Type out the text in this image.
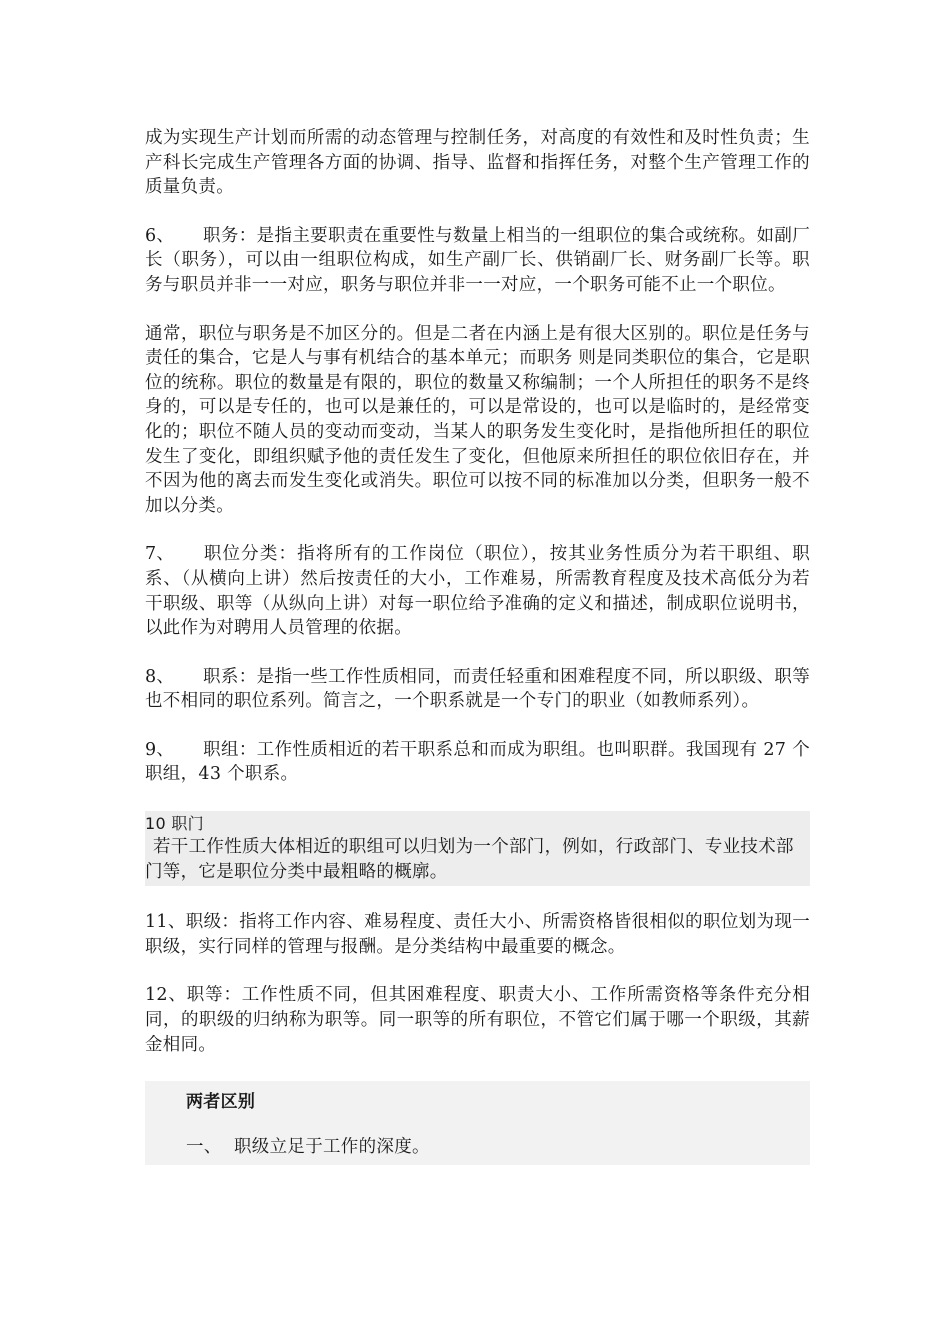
成为实现生产计划而所需的动态管理与控制任务，对高度的有效性和及时性负责；生产科长完成生产管理各方面的协调、指导、监督和指挥任务，对整个生产管理工作的质量负责。

6、 职务：是指主要职责在重要性与数量上相当的一组职位的集合或统称。如副厂长（职务），可以由一组职位构成，如生产副厂长、供销副厂长、财务副厂长等。职务与职员并非一一对应，职务与职位并非一一对应，一个职务可能不止一个职位。

通常，职位与职务是不加区分的。但是二者在内涵上是有很大区别的。职位是任务与责任的集合，它是人与事有机结合的基本单元；而职务 则是同类职位的集合，它是职位的统称。职位的数量是有限的，职位的数量又称编制；一个人所担任的职务不是终身的，可以是专任的，也可以是兼任的，可以是常设的，也可以是临时的，是经常变化的；职位不随人员的变动而变动，当某人的职务发生变化时，是指他所担任的职位发生了变化，即组织赋予他的责任发生了变化，但他原来所担任的职位依旧存在，并不因为他的离去而发生变化或消失。职位可以按不同的标准加以分类，但职务一般不加以分类。

7、 职位分类：指将所有的工作岗位（职位），按其业务性质分为若干职组、职系、（从横向上讲）然后按责任的大小，工作难易，所需教育程度及技术高低分为若干职级、职等（从纵向上讲）对每一职位给予准确的定义和描述，制成职位说明书，以此作为对聘用人员管理的依据。

8、 职系：是指一些工作性质相同，而责任轻重和困难程度不同，所以职级、职等也不相同的职位系列。简言之，一个职系就是一个专门的职业（如教师系列）。

9、 职组：工作性质相近的若干职系总和而成为职组。也叫职群。我国现有 27 个职组，43 个职系。

10 职门
若干工作性质大体相近的职组可以归划为一个部门，例如，行政部门、专业技术部门等，它是职位分类中最粗略的概廓。

11、职级：指将工作内容、难易程度、责任大小、所需资格皆很相似的职位划为现一职级，实行同样的管理与报酬。是分类结构中最重要的概念。

12、职等：工作性质不同，但其困难程度、职责大小、工作所需资格等条件充分相同，的职级的归纳称为职等。同一职等的所有职位，不管它们属于哪一个职级，其薪金相同。

两者区别
一、 职级立足于工作的深度。
